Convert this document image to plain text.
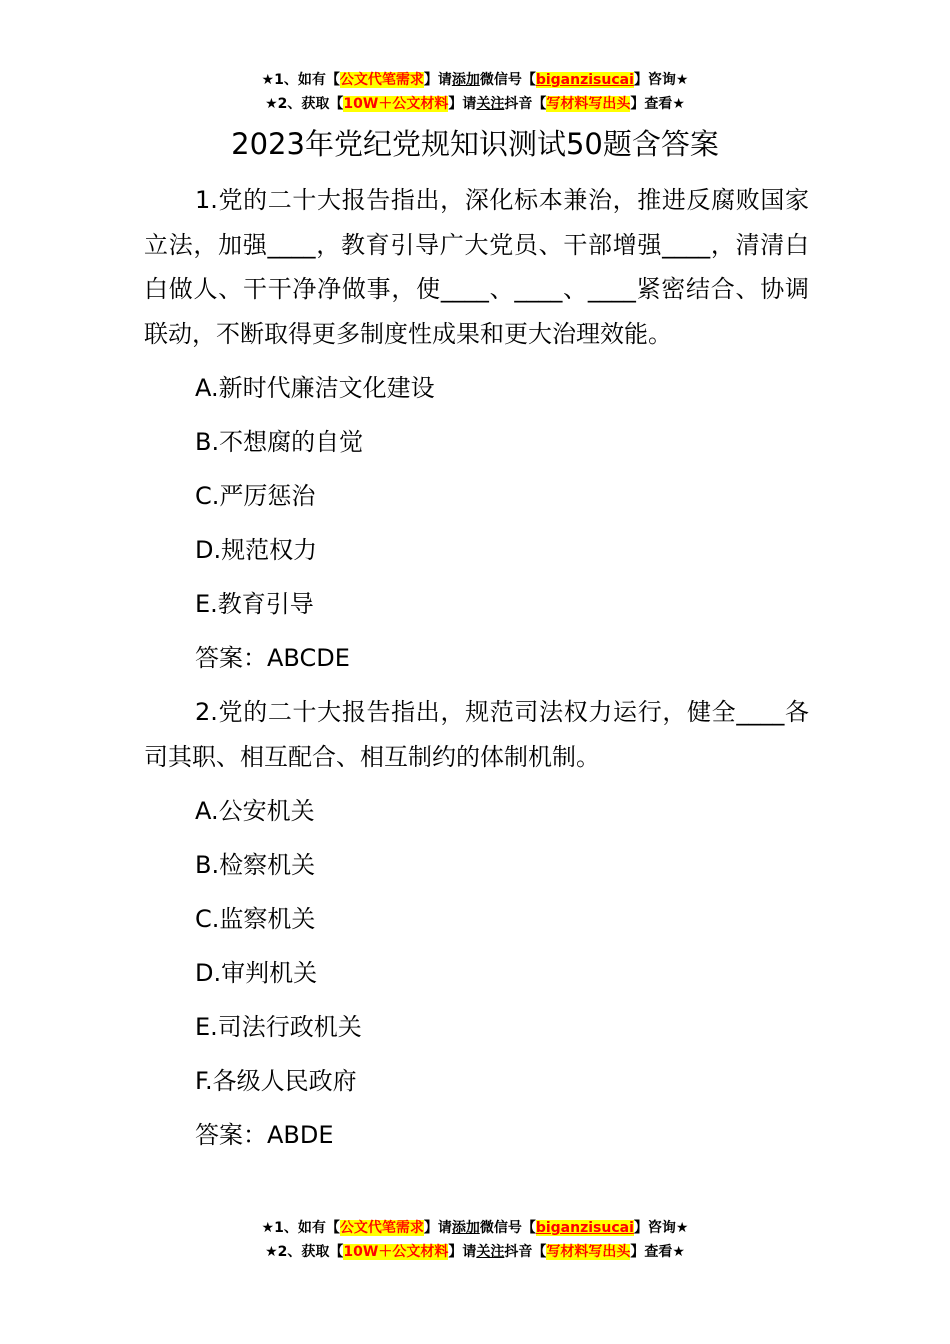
★1、如有【公文代笔需求】请添加微信号【biganzisucai】咨询★
★2、获取【10W＋公文材料】请关注抖音【写材料写出头】查看★
2023年党纪党规知识测试50题含答案

1.党的二十大报告指出，深化标本兼治，推进反腐败国家立法，加强____，教育引导广大党员、干部增强____，清清白白做人、干干净净做事，使____、____、____紧密结合、协调联动，不断取得更多制度性成果和更大治理效能。

A.新时代廉洁文化建设

B.不想腐的自觉

C.严厉惩治

D.规范权力

E.教育引导

答案：ABCDE

2.党的二十大报告指出，规范司法权力运行，健全____各司其职、相互配合、相互制约的体制机制。

A.公安机关

B.检察机关

C.监察机关

D.审判机关

E.司法行政机关

F.各级人民政府

答案：ABDE

★1、如有【公文代笔需求】请添加微信号【biganzisucai】咨询★
★2、获取【10W＋公文材料】请关注抖音【写材料写出头】查看★
